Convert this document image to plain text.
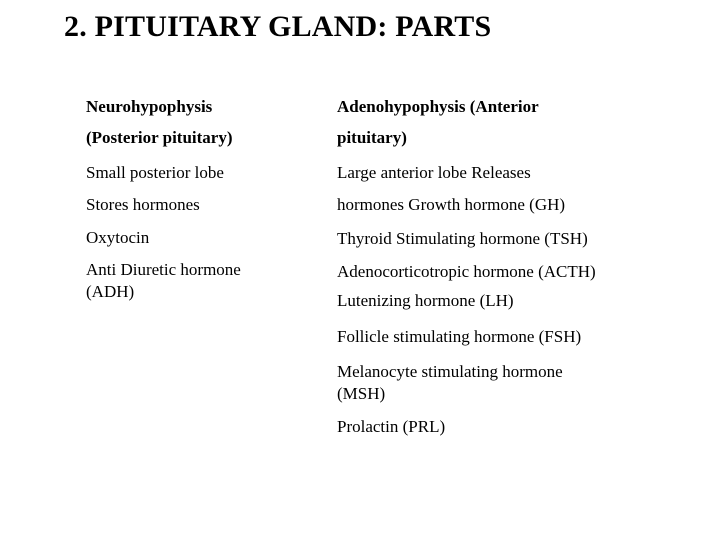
2. PITUITARY GLAND: PARTS
Neurohypophysis
(Posterior pituitary)
Small posterior lobe
Stores hormones
Oxytocin
Anti Diuretic hormone
(ADH)
Adenohypophysis (Anterior
pituitary)
Large anterior lobe Releases
hormones Growth hormone (GH)
Thyroid Stimulating hormone (TSH)
Adenocorticotropic hormone (ACTH)
Lutenizing hormone (LH)
Follicle stimulating hormone (FSH)
Melanocyte stimulating hormone
(MSH)
Prolactin (PRL)
